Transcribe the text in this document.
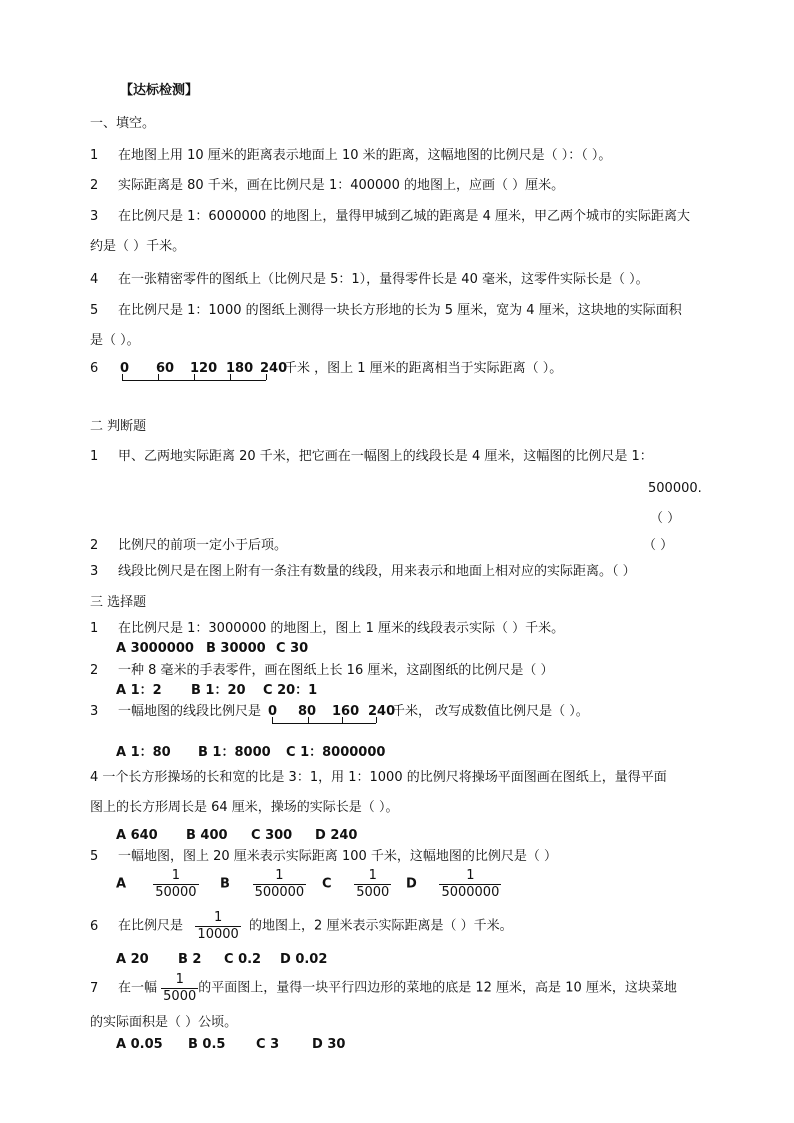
【达标检测】
一、填空。
1 在地图上用 10 厘米的距离表示地面上 10 米的距离，这幅地图的比例尺是（ ）：（ ）。
2 实际距离是 80 千米，画在比例尺是 1：400000 的地图上，应画（ ）厘米。
3 在比例尺是 1：6000000 的地图上，量得甲城到乙城的距离是 4 厘米，甲乙两个城市的实际距离大
约是（ ）千米。
4 在一张精密零件的图纸上（比例尺是 5：1），量得零件长是 40 毫米，这零件实际长是（ ）。
5 在比例尺是 1：1000 的图纸上测得一块长方形地的长为 5 厘米，宽为 4 厘米，这块地的实际面积
是（ ）。
6	0 60 120 180 240
千米 ，图上 1 厘米的距离相当于实际距离（ ）。
二 判断题
1 甲、乙两地实际距离 20 千米，把它画在一幅图上的线段长是 4 厘米，这幅图的比例尺是 1：
500000.
（ ）
2 比例尺的前项一定小于后项。	（ ）
3 线段比例尺是在图上附有一条注有数量的线段，用来表示和地面上相对应的实际距离。（ ）
三 选择题
1 在比例尺是 1：3000000 的地图上，图上 1 厘米的线段表示实际（ ）千米。
A 3000000 B 30000 C 30
2 一种 8 毫米的手表零件，画在图纸上长 16 厘米，这副图纸的比例尺是（ ）
A 1：2 B 1：20 C 20：1
3 一幅地图的线段比例尺是 0 80 160 240
千米， 改写成数值比例尺是（ ）。
A 1：80 B 1：8000 C 1：8000000
4 一个长方形操场的长和宽的比是 3：1，用 1：1000 的比例尺将操场平面图画在图纸上，量得平面
图上的长方形周长是 64 厘米，操场的实际长是（ ）。
A 640 B 400 C 300 D 240
5 一幅地图，图上 20 厘米表示实际距离 100 千米，这幅地图的比例尺是（ ）
A $\frac{1}{50000}$ B $\frac{1}{500000}$ C $\frac{1}{5000}$ D $\frac{1}{5000000}$
6 在比例尺是 $\frac{1}{10000}$ 的地图上，2 厘米表示实际距离是（ ）千米。
A 20 B 2 C 0.2 D 0.02
7 在一幅 $\frac{1}{5000}$ 的平面图上，量得一块平行四边形的菜地的底是 12 厘米，高是 10 厘米，这块菜地
的实际面积是（ ）公顷。
A 0.05 B 0.5 C 3	D 30
